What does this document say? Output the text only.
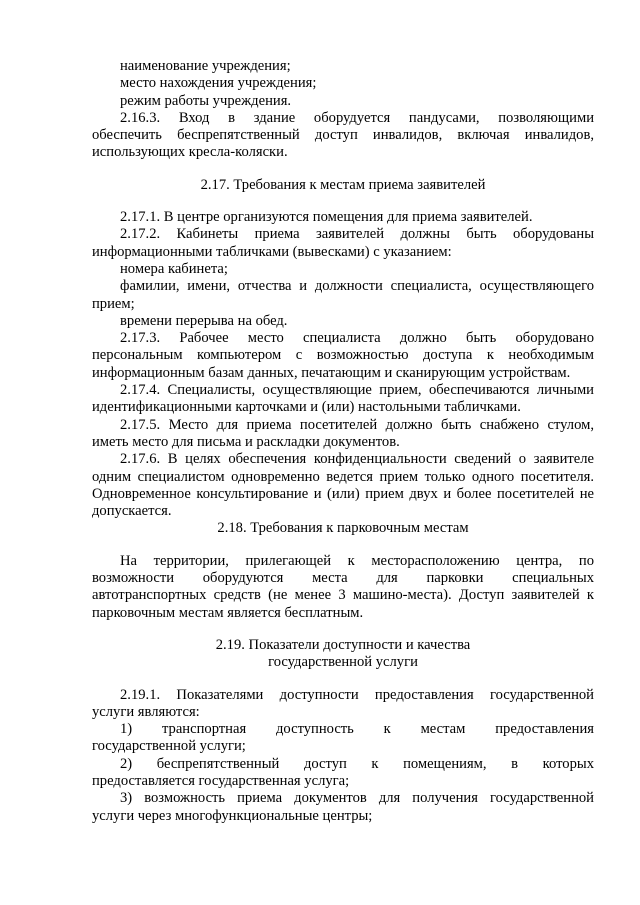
наименование учреждения;
место нахождения учреждения;
режим работы учреждения.
2.16.3. Вход в здание оборудуется пандусами, позволяющими
обеспечить беспрепятственный доступ инвалидов, включая инвалидов,
использующих кресла-коляски.
2.17. Требования к местам приема заявителей
2.17.1. В центре организуются помещения для приема заявителей.
2.17.2. Кабинеты приема заявителей должны быть оборудованы
информационными табличками (вывесками) с указанием:
номера кабинета;
фамилии, имени, отчества и должности специалиста, осуществляющего
прием;
времени перерыва на обед.
2.17.3. Рабочее место специалиста должно быть оборудовано
персональным компьютером с возможностью доступа к необходимым
информационным базам данных, печатающим и сканирующим устройствам.
2.17.4. Специалисты, осуществляющие прием, обеспечиваются личными
идентификационными карточками и (или) настольными табличками.
2.17.5. Место для приема посетителей должно быть снабжено стулом,
иметь место для письма и раскладки документов.
2.17.6. В целях обеспечения конфиденциальности сведений о заявителе
одним специалистом одновременно ведется прием только одного посетителя.
Одновременное консультирование и (или) прием двух и более посетителей не
допускается.
2.18. Требования к парковочным местам
На территории, прилегающей к месторасположению центра, по
возможности оборудуются места для парковки специальных
автотранспортных средств (не менее 3 машино-места). Доступ заявителей к
парковочным местам является бесплатным.
2.19. Показатели доступности и качества
государственной услуги
2.19.1. Показателями доступности предоставления государственной
услуги являются:
1) транспортная доступность к местам предоставления
государственной услуги;
2) беспрепятственный доступ к помещениям, в которых
предоставляется государственная услуга;
3) возможность приема документов для получения государственной
услуги через многофункциональные центры;
